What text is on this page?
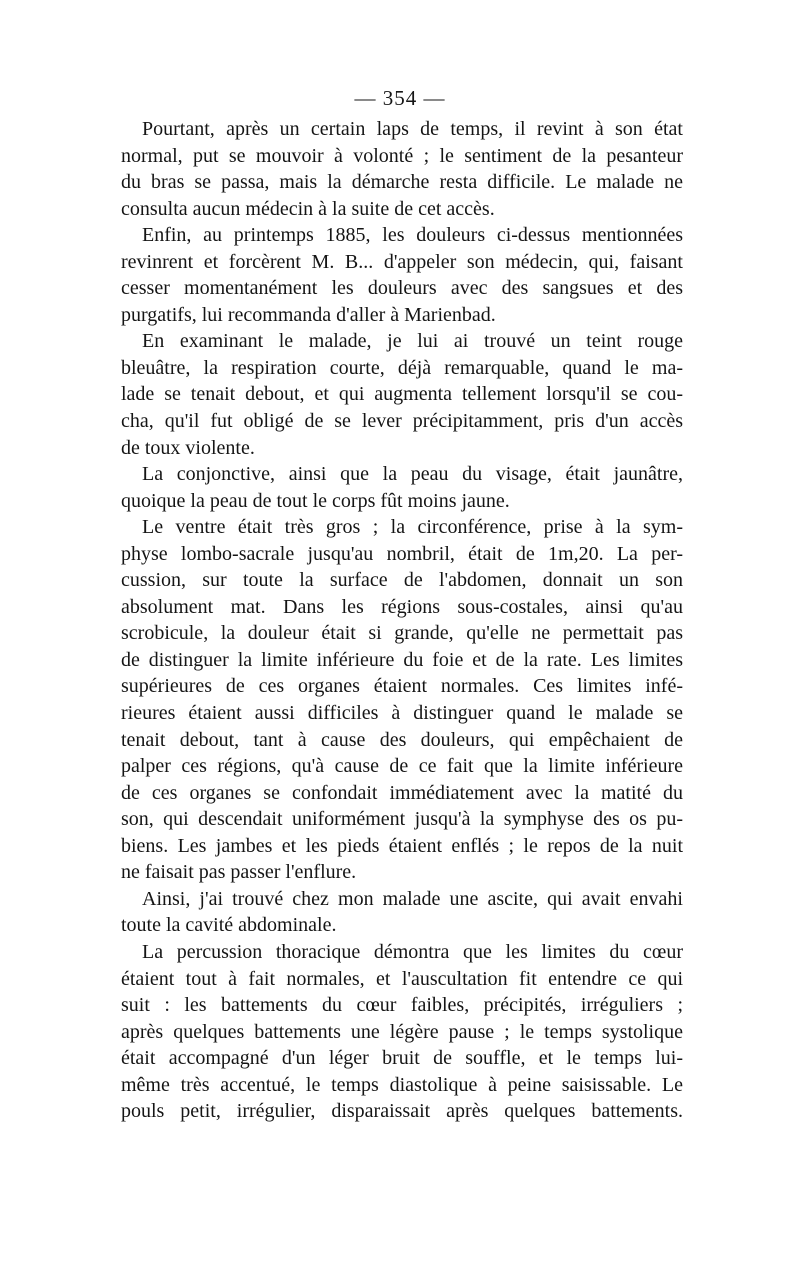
— 354 —
Pourtant, après un certain laps de temps, il revint à son état
normal, put se mouvoir à volonté ; le sentiment de la pesanteur
du bras se passa, mais la démarche resta difficile. Le malade ne
consulta aucun médecin à la suite de cet accès.
Enfin, au printemps 1885, les douleurs ci-dessus mentionnées
revinrent et forcèrent M. B... d'appeler son médecin, qui, faisant
cesser momentanément les douleurs avec des sangsues et des
purgatifs, lui recommanda d'aller à Marienbad.
En examinant le malade, je lui ai trouvé un teint rouge
bleuâtre, la respiration courte, déjà remarquable, quand le ma-
lade se tenait debout, et qui augmenta tellement lorsqu'il se cou-
cha, qu'il fut obligé de se lever précipitamment, pris d'un accès
de toux violente.
La conjonctive, ainsi que la peau du visage, était jaunâtre,
quoique la peau de tout le corps fût moins jaune.
Le ventre était très gros ; la circonférence, prise à la sym-
physe lombo-sacrale jusqu'au nombril, était de 1m,20. La per-
cussion, sur toute la surface de l'abdomen, donnait un son
absolument mat. Dans les régions sous-costales, ainsi qu'au
scrobicule, la douleur était si grande, qu'elle ne permettait pas
de distinguer la limite inférieure du foie et de la rate. Les limites
supérieures de ces organes étaient normales. Ces limites infé-
rieures étaient aussi difficiles à distinguer quand le malade se
tenait debout, tant à cause des douleurs, qui empêchaient de
palper ces régions, qu'à cause de ce fait que la limite inférieure
de ces organes se confondait immédiatement avec la matité du
son, qui descendait uniformément jusqu'à la symphyse des os pu-
biens. Les jambes et les pieds étaient enflés ; le repos de la nuit
ne faisait pas passer l'enflure.
Ainsi, j'ai trouvé chez mon malade une ascite, qui avait envahi
toute la cavité abdominale.
La percussion thoracique démontra que les limites du cœur
étaient tout à fait normales, et l'auscultation fit entendre ce qui
suit : les battements du cœur faibles, précipités, irréguliers ;
après quelques battements une légère pause ; le temps systolique
était accompagné d'un léger bruit de souffle, et le temps lui-
même très accentué, le temps diastolique à peine saisissable. Le
pouls petit, irrégulier, disparaissait après quelques battements.
